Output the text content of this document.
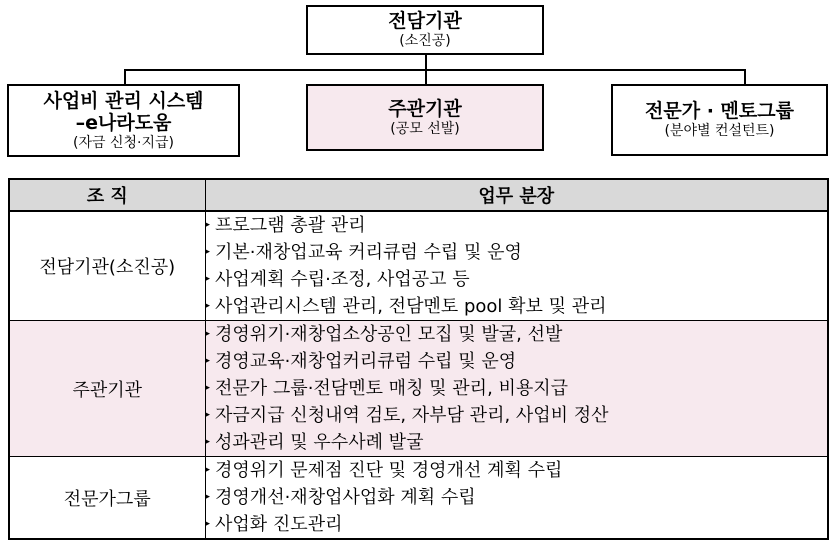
전담기관
(소진공)
사업비 관리 시스템
–e나라도움
(자금 신청·지급)
주관기관
(공모 선발)
전문가 · 멘토그룹
(분야별 컨설턴트)
조 직	업무 분장
전담기관(소진공)	▸ 프로그램 총괄 관리
▸ 기본·재창업교육 커리큐럼 수립 및 운영
▸ 사업계획 수립·조정, 사업공고 등
▸ 사업관리시스템 관리, 전담멘토 pool 확보 및 관리

주관기관	▸ 경영위기·재창업소상공인 모집 및 발굴, 선발
▸ 경영교육·재창업커리큐럼 수립 및 운영
▸ 전문가 그룹·전담멘토 매칭 및 관리, 비용지급
▸ 자금지급 신청내역 검토, 자부담 관리, 사업비 정산
▸ 성과관리 및 우수사례 발굴

전문가그룹	▸ 경영위기 문제점 진단 및 경영개선 계획 수립
▸ 경영개선·재창업사업화 계획 수립
▸ 사업화 진도관리
